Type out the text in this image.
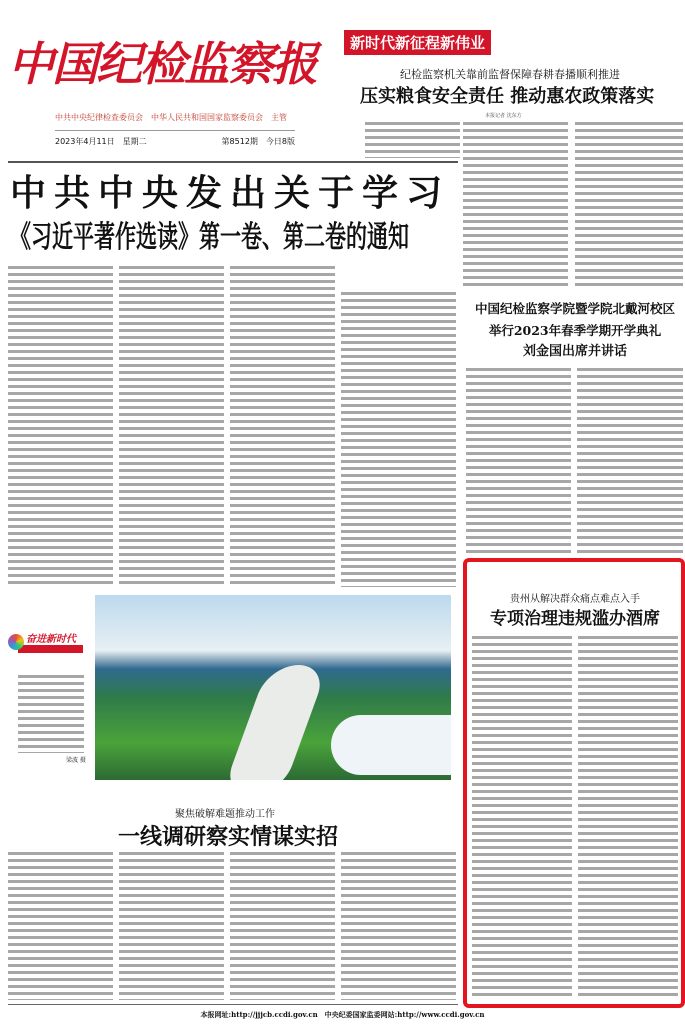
中国纪检监察报
中共中央纪律检查委员会　中华人民共和国国家监察委员会　主管
2023年4月11日　星期二	第8512期　今日8版
新时代新征程新伟业
纪检监察机关靠前监督保障春耕春播顺利推进
压实粮食安全责任 推动惠农政策落实
本报记者 沈东方
中共中央发出关于学习
《习近平著作选读》第一卷、第二卷的通知
中国纪检监察学院暨学院北戴河校区
举行2023年春季学期开学典礼
刘金国出席并讲话
贵州从解决群众痛点难点入手
专项治理违规滥办酒席
奋进新时代
梁波 摄
聚焦破解难题推动工作
一线调研察实情谋实招
本报网址:http://jjjcb.ccdi.gov.cn　中央纪委国家监委网站:http://www.ccdi.gov.cn
